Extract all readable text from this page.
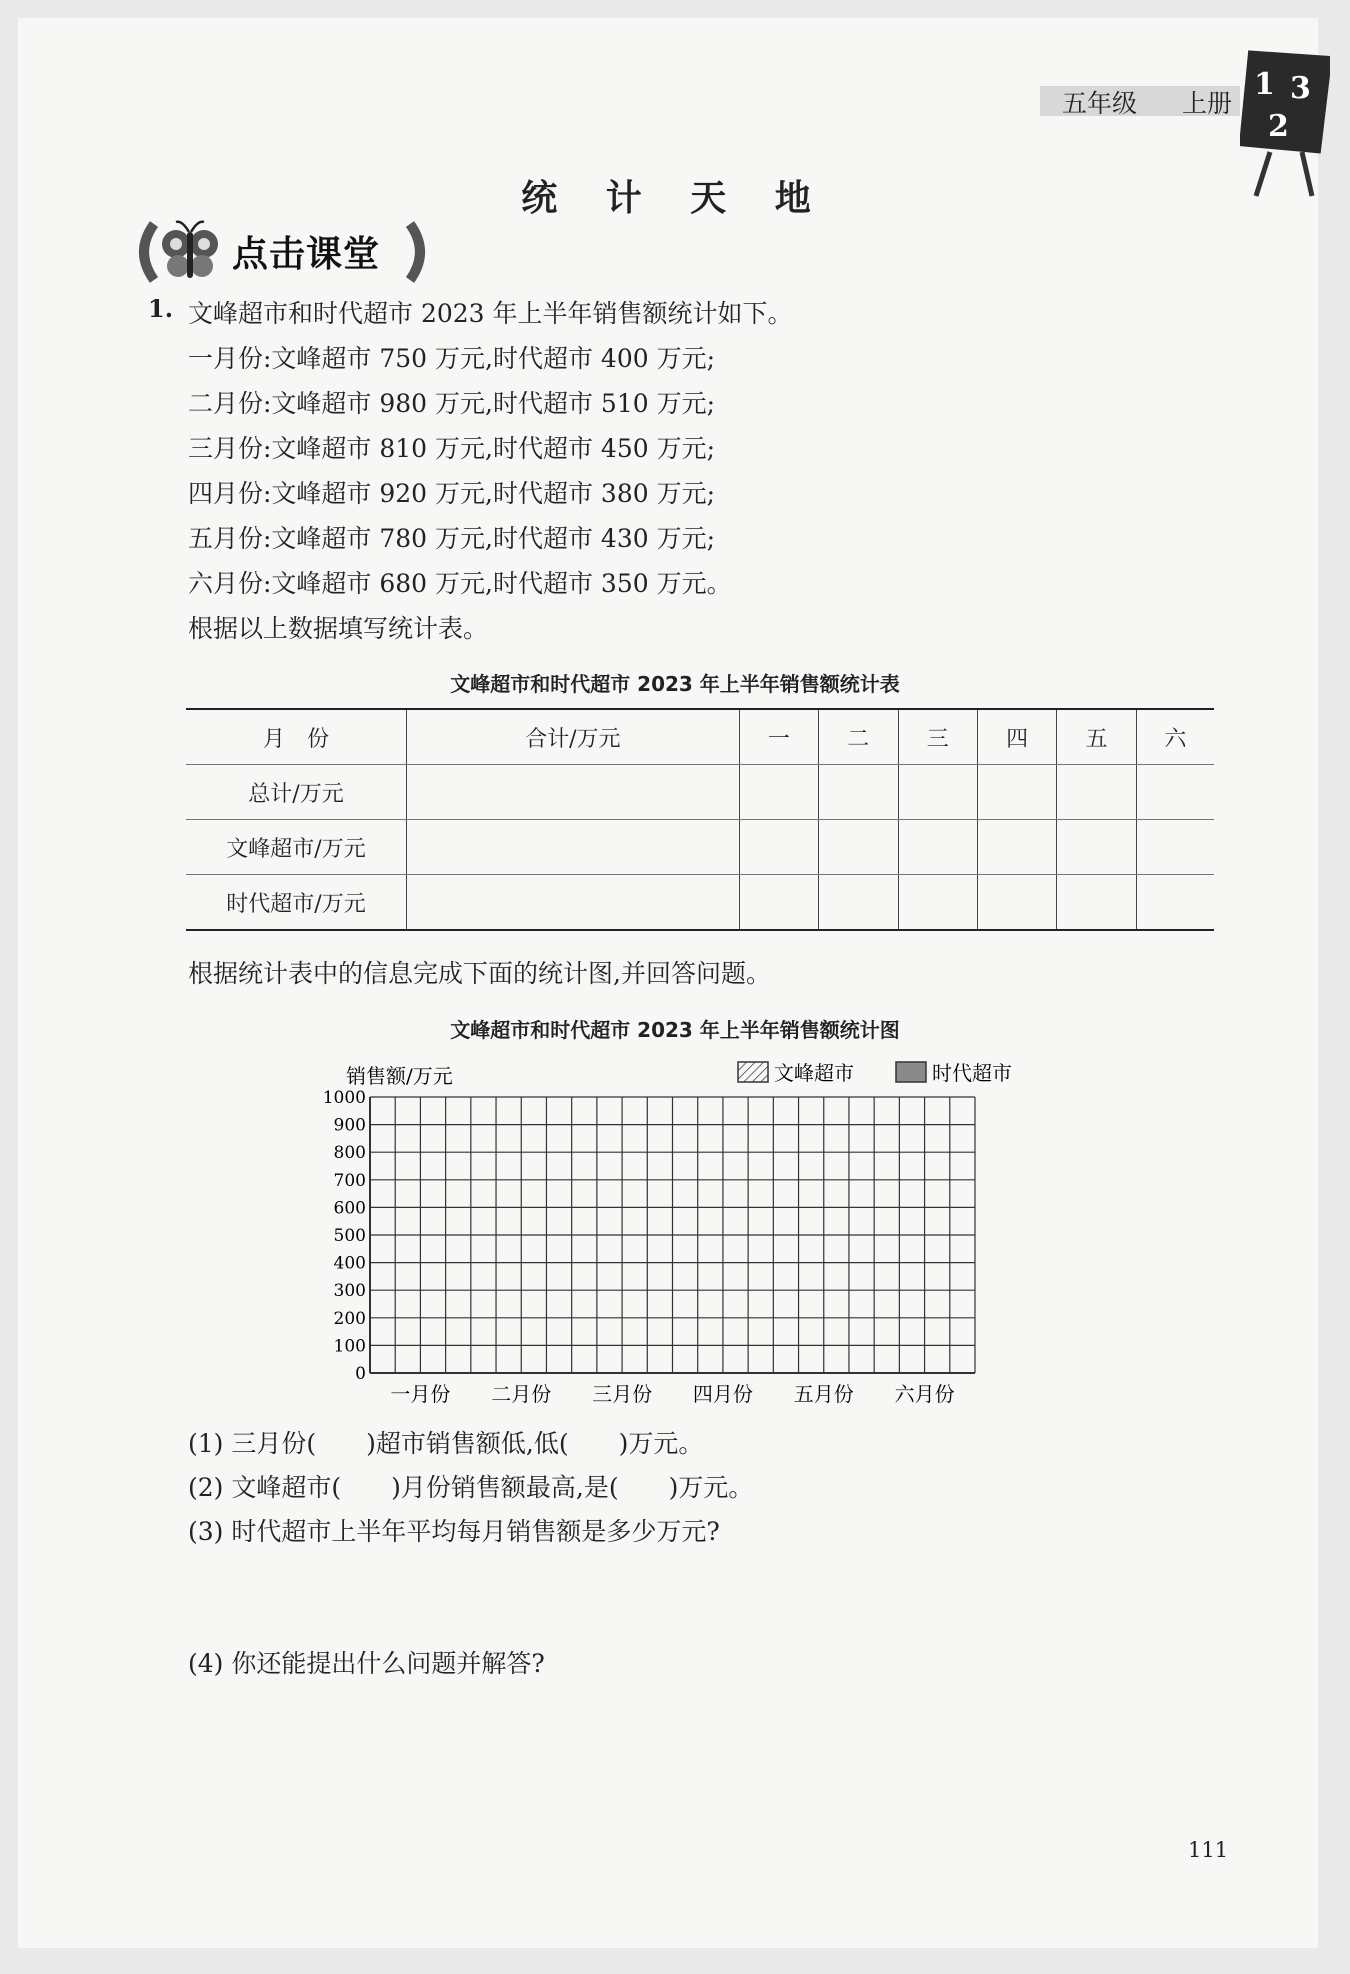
五年级 上册
1 3
2
统 计 天 地
点击课堂
1. 文峰超市和时代超市 2023 年上半年销售额统计如下。
一月份:文峰超市 750 万元,时代超市 400 万元;
二月份:文峰超市 980 万元,时代超市 510 万元;
三月份:文峰超市 810 万元,时代超市 450 万元;
四月份:文峰超市 920 万元,时代超市 380 万元;
五月份:文峰超市 780 万元,时代超市 430 万元;
六月份:文峰超市 680 万元,时代超市 350 万元。
根据以上数据填写统计表。
文峰超市和时代超市 2023 年上半年销售额统计表
月　份	合计/万元	一	二	三	四	五	六
总计/万元							
文峰超市/万元							
时代超市/万元							
根据统计表中的信息完成下面的统计图,并回答问题。
文峰超市和时代超市 2023 年上半年销售额统计图
销售额/万元	文峰超市	时代超市
1000
900
800
700
600
500
400
300
200
100
0
一月份 二月份 三月份 四月份 五月份 六月份
(1) 三月份(　　)超市销售额低,低(　　)万元。
(2) 文峰超市(　　)月份销售额最高,是(　　)万元。
(3) 时代超市上半年平均每月销售额是多少万元?
(4) 你还能提出什么问题并解答?
111
